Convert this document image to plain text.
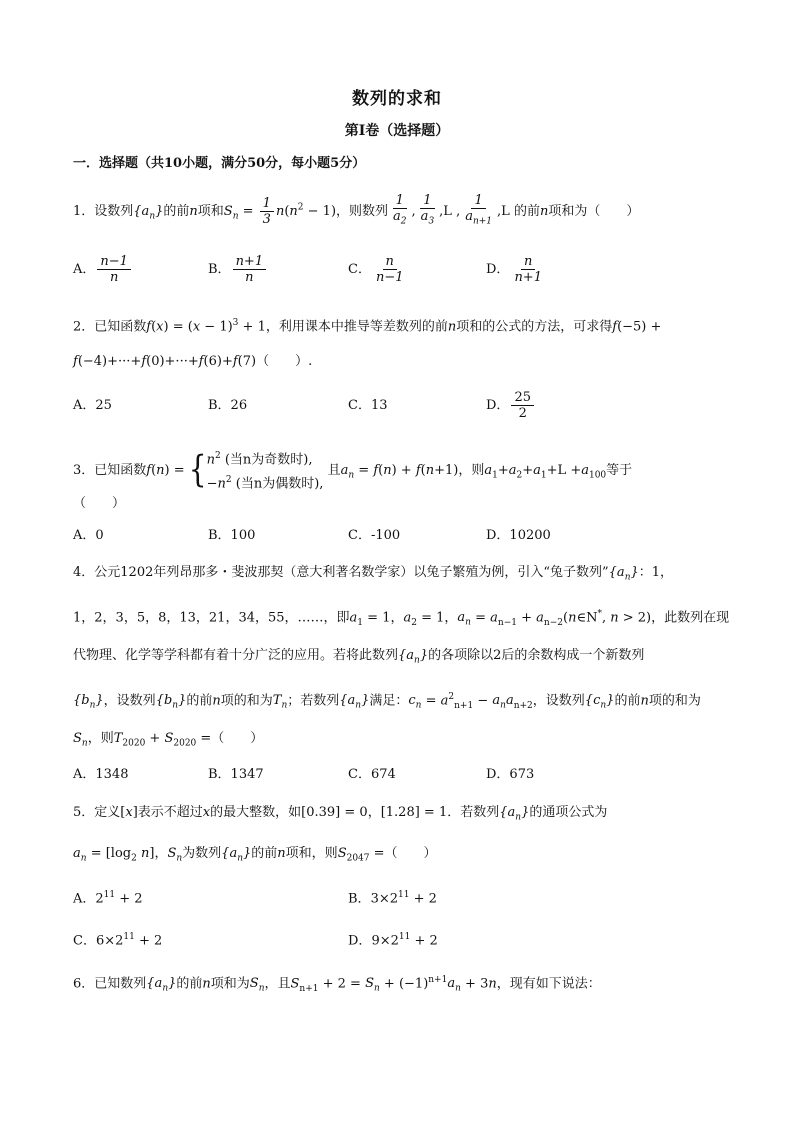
数列的求和
第Ⅰ卷（选择题）
一．选择题（共10小题，满分50分，每小题5分）
1．设数列$\{a_n\}$的前n项和$S_n = \frac{1}{3} n(n^2 - 1)$，则数列 $\frac{1}{a_2}$ , $\frac{1}{a_3} ,L$ , $\frac{1}{a_{n+1}} ,L$ 的前n项和为（　　）
A． $\frac{n-1}{n}$	B． $\frac{n+1}{n}$	C． $\frac{n}{n-1}$	D． $\frac{n}{n+1}$
2．已知函数$f(x) = (x - 1)^3 + 1$，利用课本中推导等差数列的前n项和的公式的方法，可求得f(−5) +
f(−4)+···+f(0)+···+f(6)+f(7)（　　）.
A．25	B．26	C．13	D． $\frac{25}{2}$
3．已知函数f(n) = { $n^2$ (当n为奇数时),
$-n^2$ (当n为偶数时),
且$a_n = f(n) + f(n+1)$，则$a_1+a_2+a_1+L +a_{100}$等于
（　　）
A．0	B．100	C．-100	D．10200
4．公元1202年列昂那多・斐波那契（意大利著名数学家）以兔子繁殖为例，引入“兔子数列$”\{a_n\}$：1，
1，2，3，5，8，13，21，34，55，……，即$a_1 = 1$，$a_2 = 1$，$a_n = a_{n-1}$ + $a_{n-2}(n\in N^*$, n > 2)，此数列在现
代物理、化学等学科都有着十分广泛的应用。若将此数列$\{a_n\}$的各项除以2后的余数构成一个新数列
$\{b_n\}$，设数列$\{b_n\}$的前n项的和为$T_n$；若数列$\{a_n\}$满足：$c_n = a^2_{n+1} - a_na_{n+2}$，设数列$\{c_n\}$的前n项的和为
$S_n$，则$T_{2020} + S_{2020}$ =（　　）
A．1348	B．1347	C．674	D．673
5．定义[x]表示不超过x的最大整数，如[0.39] = 0，[1.28] = 1．若数列$\{a_n\}$的通项公式为
$a_n = [\log_2$ n]，$S_n$为数列$\{a_n\}$的前n项和，则$S_{2047}$ =（　　）
A．$2^{11} + 2$	B．$3\times 2^{11} + 2$
C．$6\times 2^{11} + 2$	D．$9\times 2^{11} + 2$
6．已知数列$\{a_n\}$的前n项和为$S_n$，且$S_{n+1} + 2 = S_n + (-1)^{n+1}a_n + 3n$，现有如下说法：
